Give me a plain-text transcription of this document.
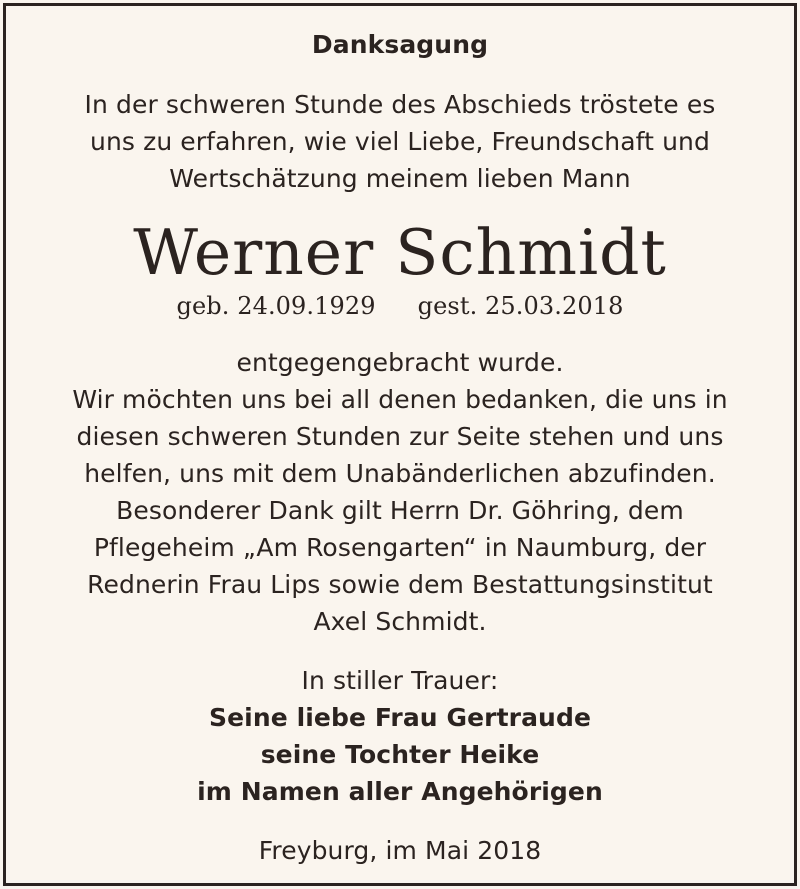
Danksagung
In der schweren Stunde des Abschieds tröstete es
uns zu erfahren, wie viel Liebe, Freundschaft und
Wertschätzung meinem lieben Mann
Werner Schmidt
geb. 24.09.1929 gest. 25.03.2018
entgegengebracht wurde.
Wir möchten uns bei all denen bedanken, die uns in
diesen schweren Stunden zur Seite stehen und uns
helfen, uns mit dem Unabänderlichen abzufinden.
Besonderer Dank gilt Herrn Dr. Göhring, dem
Pflegeheim „Am Rosengarten“ in Naumburg, der
Rednerin Frau Lips sowie dem Bestattungsinstitut
Axel Schmidt.
In stiller Trauer:
Seine liebe Frau Gertraude
seine Tochter Heike
im Namen aller Angehörigen
Freyburg, im Mai 2018
